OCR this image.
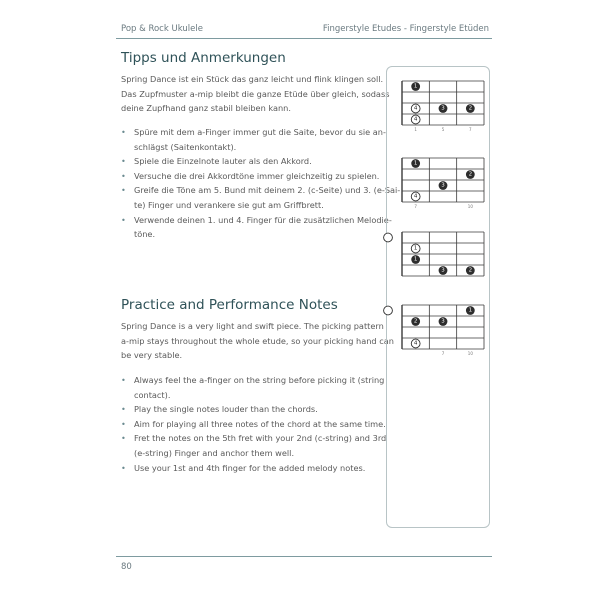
Pop & Rock Ukulele	Fingerstyle Etudes - Fingerstyle Etüden
Tipps und Anmerkungen
Spring Dance ist ein Stück das ganz leicht und flink klingen soll.
Das Zupfmuster a-mip bleibt die ganze Etüde über gleich, sodass
deine Zupfhand ganz stabil bleiben kann.
• Spüre mit dem a-Finger immer gut die Saite, bevor du sie an-
schlägst (Saitenkontakt).
• Spiele die Einzelnote lauter als den Akkord.
• Versuche die drei Akkordtöne immer gleichzeitig zu spielen.
• Greife die Töne am 5. Bund mit deinem 2. (c-Seite) und 3. (e-Sai-
te) Finger und verankere sie gut am Griffbrett.
• Verwende deinen 1. und 4. Finger für die zusätzlichen Melodie-
töne.
Practice and Performance Notes
Spring Dance is a very light and swift piece. The picking pattern
a-mip stays throughout the whole etude, so your picking hand can
be very stable.
• Always feel the a-finger on the string before picking it (string
contact).
• Play the single notes louder than the chords.
• Aim for playing all three notes of the chord at the same time.
• Fret the notes on the 5th fret with your 2nd (c-string) and 3rd
(e-string) Finger and anchor them well.
• Use your 1st and 4th finger for the added melody notes.
1	5	7
1
4
4
3	2
7	10
1
4
3
2
1
1
3	2
7	10
2
4
3
1
80
